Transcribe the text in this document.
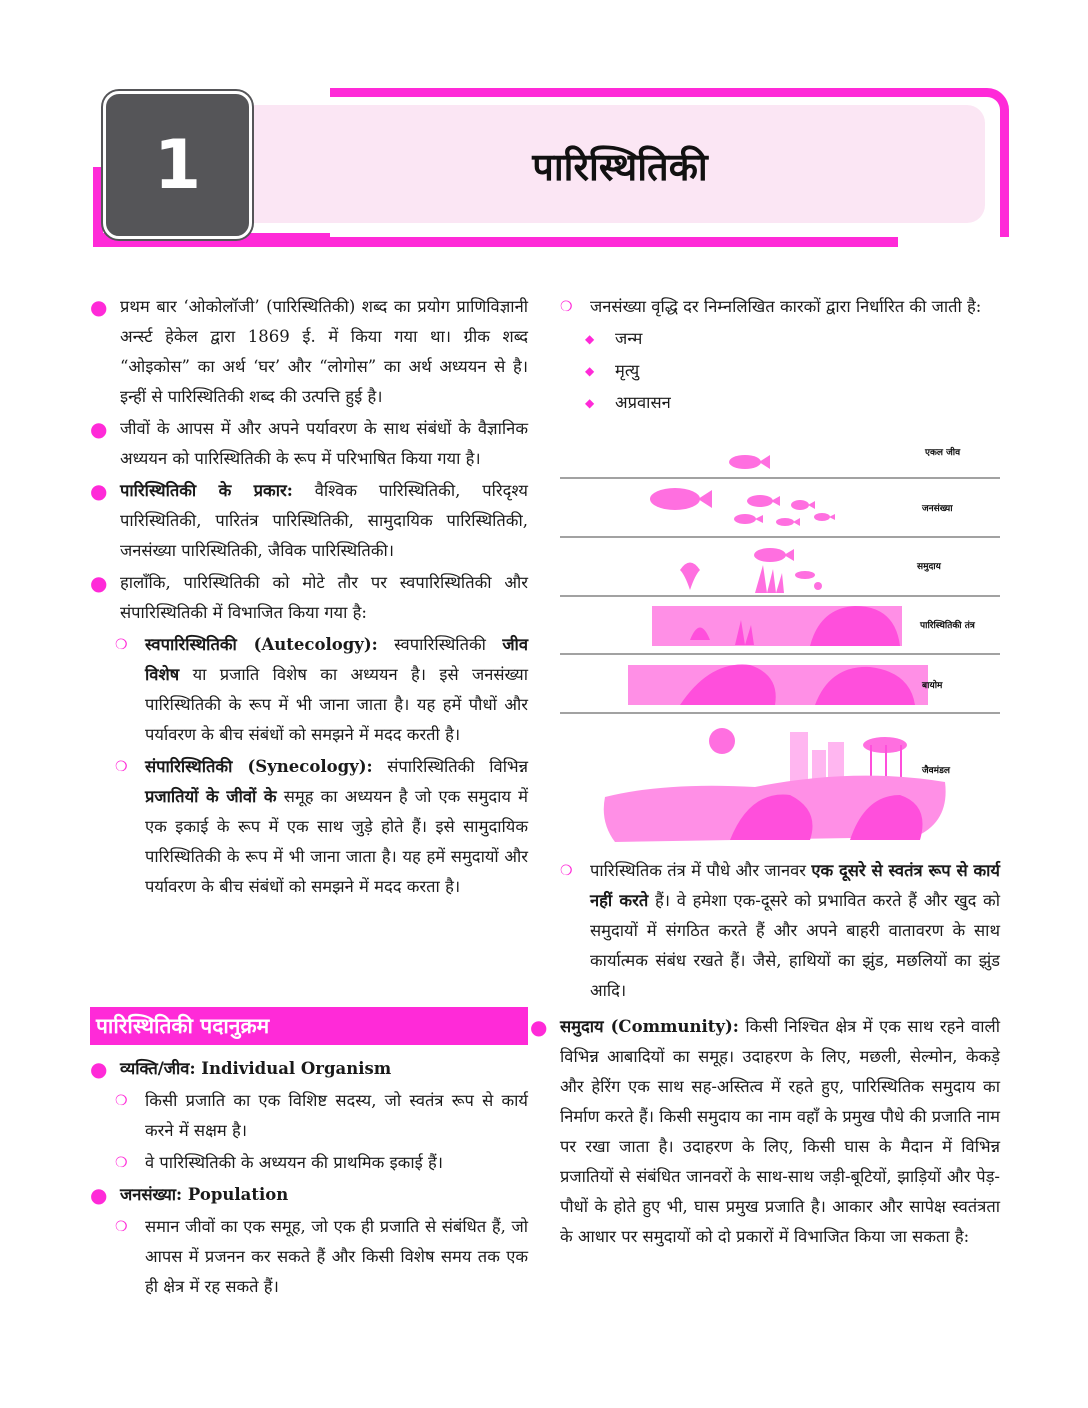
1	पारिस्थितिकी
● प्रथम बार ‘ओकोलॉजी’ (पारिस्थितिकी) शब्द का प्रयोग प्राणिविज्ञानी अर्न्स्ट हेकेल द्वारा 1869 ई. में किया गया था। ग्रीक शब्द “ओइकोस” का अर्थ ‘घर’ और “लोगोस” का अर्थ अध्ययन से है। इन्हीं से पारिस्थितिकी शब्द की उत्पत्ति हुई है।
● जीवों के आपस में और अपने पर्यावरण के साथ संबंधों के वैज्ञानिक अध्ययन को पारिस्थितिकी के रूप में परिभाषित किया गया है।
● पारिस्थितिकी के प्रकार: वैश्विक पारिस्थितिकी, परिदृश्य पारिस्थितिकी, पारितंत्र पारिस्थितिकी, सामुदायिक पारिस्थितिकी, जनसंख्या पारिस्थितिकी, जैविक पारिस्थितिकी।
● हालाँकि, पारिस्थितिकी को मोटे तौर पर स्वपारिस्थितिकी और संपारिस्थितिकी में विभाजित किया गया है:
❍ स्वपारिस्थितिकी (Autecology): स्वपारिस्थितिकी जीव विशेष या प्रजाति विशेष का अध्ययन है। इसे जनसंख्या पारिस्थितिकी के रूप में भी जाना जाता है। यह हमें पौधों और पर्यावरण के बीच संबंधों को समझने में मदद करती है।
❍ संपारिस्थितिकी (Synecology): संपारिस्थितिकी विभिन्न प्रजातियों के जीवों के समूह का अध्ययन है जो एक समुदाय में एक इकाई के रूप में एक साथ जुड़े होते हैं। इसे सामुदायिक पारिस्थितिकी के रूप में भी जाना जाता है। यह हमें समुदायों और पर्यावरण के बीच संबंधों को समझने में मदद करता है।
पारिस्थितिकी पदानुक्रम
● व्यक्ति/जीव: Individual Organism
❍ किसी प्रजाति का एक विशिष्ट सदस्य, जो स्वतंत्र रूप से कार्य करने में सक्षम है।
❍ वे पारिस्थितिकी के अध्ययन की प्राथमिक इकाई हैं।
● जनसंख्या: Population
❍ समान जीवों का एक समूह, जो एक ही प्रजाति से संबंधित हैं, जो आपस में प्रजनन कर सकते हैं और किसी विशेष समय तक एक ही क्षेत्र में रह सकते हैं।
❍ जनसंख्या वृद्धि दर निम्नलिखित कारकों द्वारा निर्धारित की जाती है:
◆ जन्म
◆ मृत्यु
◆ अप्रवासन
एकल जीव
जनसंख्या
समुदाय
पारिस्थितिकी तंत्र
बायोम
जैवमंडल
❍ पारिस्थितिक तंत्र में पौधे और जानवर एक दूसरे से स्वतंत्र रूप से कार्य नहीं करते हैं। वे हमेशा एक-दूसरे को प्रभावित करते हैं और खुद को समुदायों में संगठित करते हैं और अपने बाहरी वातावरण के साथ कार्यात्मक संबंध रखते हैं। जैसे, हाथियों का झुंड, मछलियों का झुंड आदि।
● समुदाय (Community): किसी निश्चित क्षेत्र में एक साथ रहने वाली विभिन्न आबादियों का समूह। उदाहरण के लिए, मछली, सेल्मोन, केकड़े और हेरिंग एक साथ सह-अस्तित्व में रहते हुए, पारिस्थितिक समुदाय का निर्माण करते हैं। किसी समुदाय का नाम वहाँ के प्रमुख पौधे की प्रजाति नाम पर रखा जाता है। उदाहरण के लिए, किसी घास के मैदान में विभिन्न प्रजातियों से संबंधित जानवरों के साथ-साथ जड़ी-बूटियों, झाड़ियों और पेड़-पौधों के होते हुए भी, घास प्रमुख प्रजाति है। आकार और सापेक्ष स्वतंत्रता के आधार पर समुदायों को दो प्रकारों में विभाजित किया जा सकता है:
